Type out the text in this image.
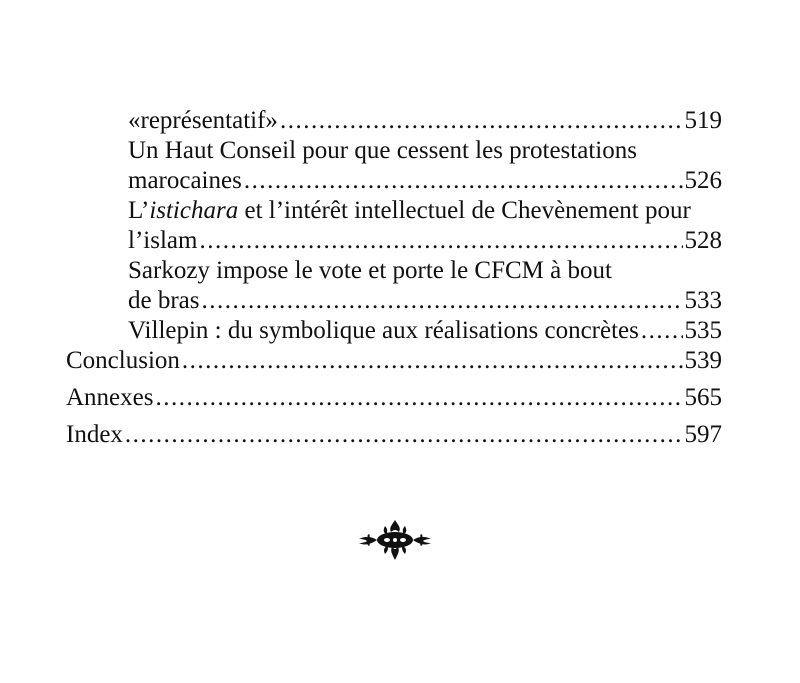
«représentatif» .....	519
Un Haut Conseil pour que cessent les protestations
marocaines .....	526
L’istichara et l’intérêt intellectuel de Chevènement pour
l’islam .....	528
Sarkozy impose le vote et porte le CFCM à bout
de bras .....	533
Villepin : du symbolique aux réalisations concrètes ..... 535
Conclusion .....	539
Annexes .....	565
Index .....	597
